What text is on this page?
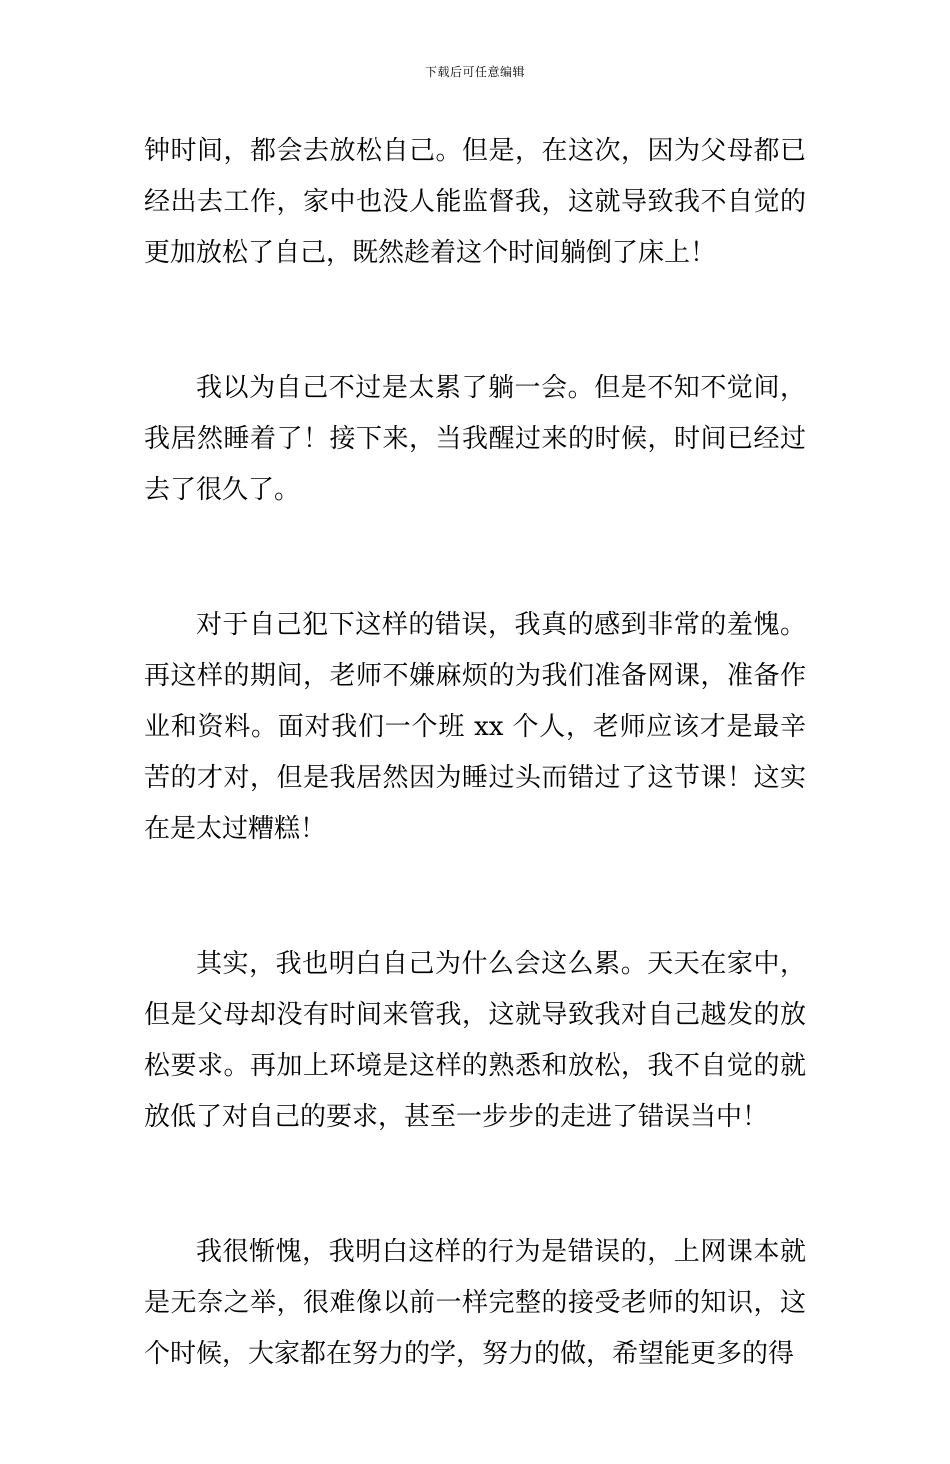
下载后可任意编辑

钟时间，都会去放松自己。但是，在这次，因为父母都已经出去工作，家中也没人能监督我，这就导致我不自觉的更加放松了自己，既然趁着这个时间躺倒了床上！

我以为自己不过是太累了躺一会。但是不知不觉间，我居然睡着了！接下来，当我醒过来的时候，时间已经过去了很久了。

对于自己犯下这样的错误，我真的感到非常的羞愧。再这样的期间，老师不嫌麻烦的为我们准备网课，准备作业和资料。面对我们一个班 xx 个人，老师应该才是最辛苦的才对，但是我居然因为睡过头而错过了这节课！这实在是太过糟糕！

其实，我也明白自己为什么会这么累。天天在家中，但是父母却没有时间来管我，这就导致我对自己越发的放松要求。再加上环境是这样的熟悉和放松，我不自觉的就放低了对自己的要求，甚至一步步的走进了错误当中！

我很惭愧，我明白这样的行为是错误的，上网课本就是无奈之举，很难像以前一样完整的接受老师的知识，这个时候，大家都在努力的学，努力的做，希望能更多的得
